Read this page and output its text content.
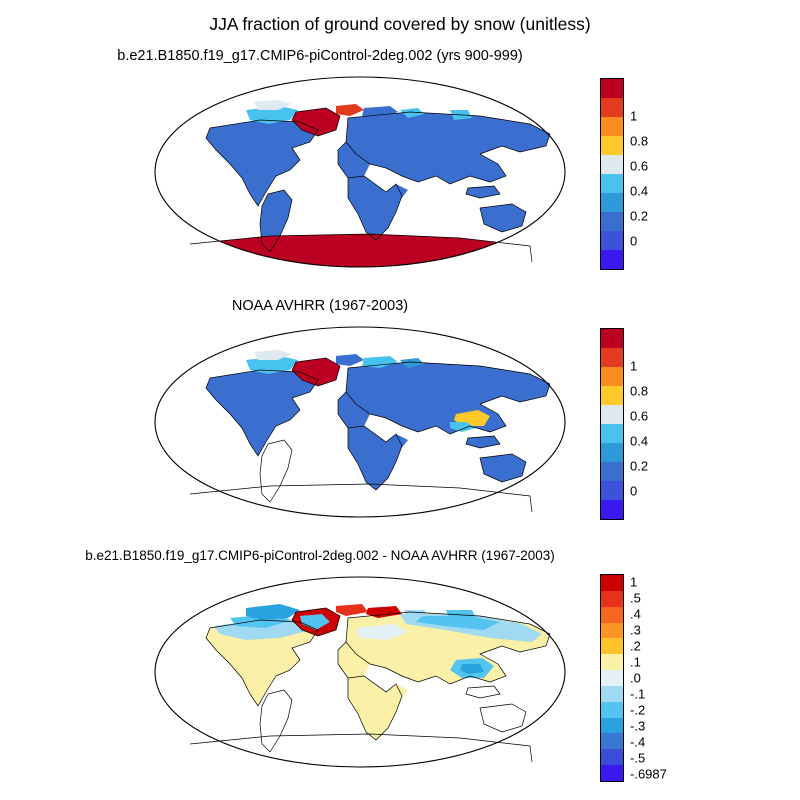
JJA fraction of ground covered by snow (unitless)
b.e21.B1850.f19_g17.CMIP6-piControl-2deg.002 (yrs 900-999)
1
0.8
0.6
0.4
0.2
0
NOAA AVHRR (1967-2003)
1
0.8
0.6
0.4
0.2
0
b.e21.B1850.f19_g17.CMIP6-piControl-2deg.002 - NOAA AVHRR (1967-2003)
1
.5
.4
.3
.2
.1
.0
-.1
-.2
-.3
-.4
-.5
-.6987
